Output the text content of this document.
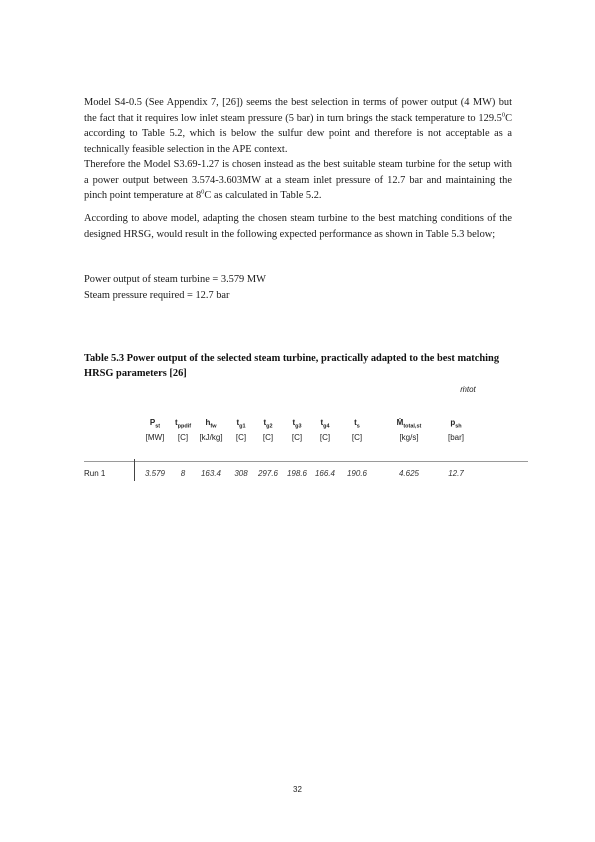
Model S4-0.5 (See Appendix 7, [26]) seems the best selection in terms of power output (4 MW) but the fact that it requires low inlet steam pressure (5 bar) in turn brings the stack temperature to 129.5$^0$C according to Table 5.2, which is below the sulfur dew point and therefore is not acceptable as a technically feasible selection in the APE context.

Therefore the Model S3.69-1.27 is chosen instead as the best suitable steam turbine for the setup with a power output between 3.574-3.603MW at a steam inlet pressure of 12.7 bar and maintaining the pinch point temperature at $8^0C$ as calculated in Table 5.2.

According to above model, adapting the chosen steam turbine to the best matching conditions of the designed HRSG, would result in the following expected performance as shown in Table 5.3 below;

Power output of steam turbine = 3.579 MW

Steam pressure required = 12.7 bar

Table 5.3 Power output of the selected steam turbine, practically adapted to the best matching HRSG parameters [26]

ṁtot
Run 1
$P_{st}$
[MW]
3.579
$t_{ppdif}$
[C]
8
$h_{fw}$
[kJ/kg]
163.4
$t_{g1}$
[C]
308
$t_{g2}$
[C]
297.6
$t_{g3}$
[C]
198.6
$t_{g4}$
[C]
166.4
$t_s$
[C]
190.6
Ṁ$_{total,st}$
[kg/s]
4.625
$p_{sh}$
[bar]
12.7
32
